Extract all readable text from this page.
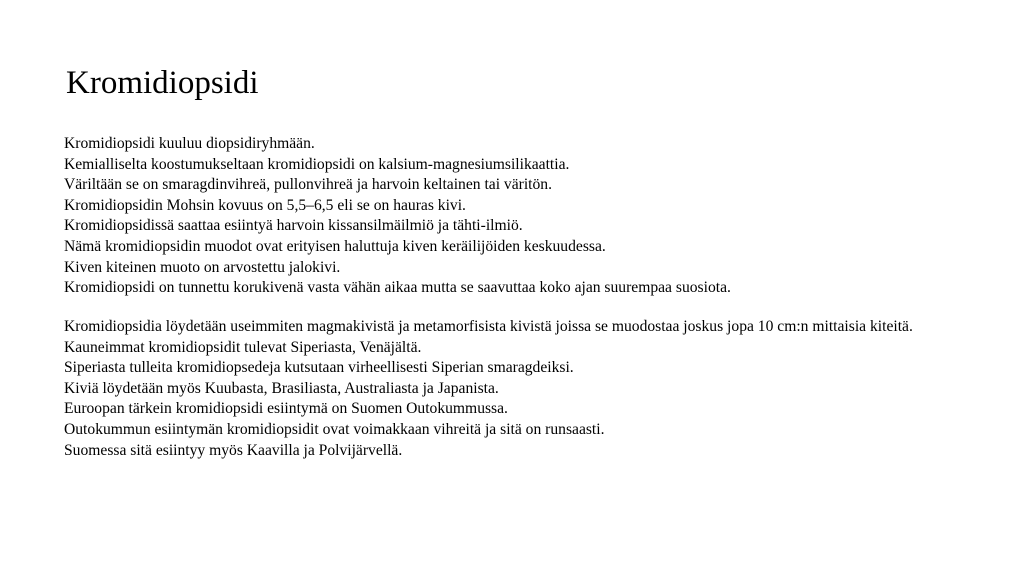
Kromidiopsidi
Kromidiopsidi kuuluu diopsidiryhmään.
Kemialliselta koostumukseltaan kromidiopsidi on kalsium-magnesiumsilikaattia.
Väriltään se on smaragdinvihreä, pullonvihreä ja harvoin keltainen tai väritön.
Kromidiopsidin Mohsin kovuus on 5,5–6,5 eli se on hauras kivi.
Kromidiopsidissä saattaa esiintyä harvoin kissansilmäilmiö ja tähti-ilmiö.
Nämä kromidiopsidin muodot ovat erityisen haluttuja kiven keräilijöiden keskuudessa.
Kiven kiteinen muoto on arvostettu jalokivi.
Kromidiopsidi on tunnettu korukivenä vasta vähän aikaa mutta se saavuttaa koko ajan suurempaa suosiota.
Kromidiopsidia löydetään useimmiten magmakivistä ja metamorfisista kivistä joissa se muodostaa joskus jopa 10 cm:n mittaisia kiteitä.
Kauneimmat kromidiopsidit tulevat Siperiasta, Venäjältä.
Siperiasta tulleita kromidiopsedeja kutsutaan virheellisesti Siperian smaragdeiksi.
Kiviä löydetään myös Kuubasta, Brasiliasta, Australiasta ja Japanista.
Euroopan tärkein kromidiopsidi esiintymä on Suomen Outokummussa.
Outokummun esiintymän kromidiopsidit ovat voimakkaan vihreitä ja sitä on runsaasti.
Suomessa sitä esiintyy myös Kaavilla ja Polvijärvellä.
